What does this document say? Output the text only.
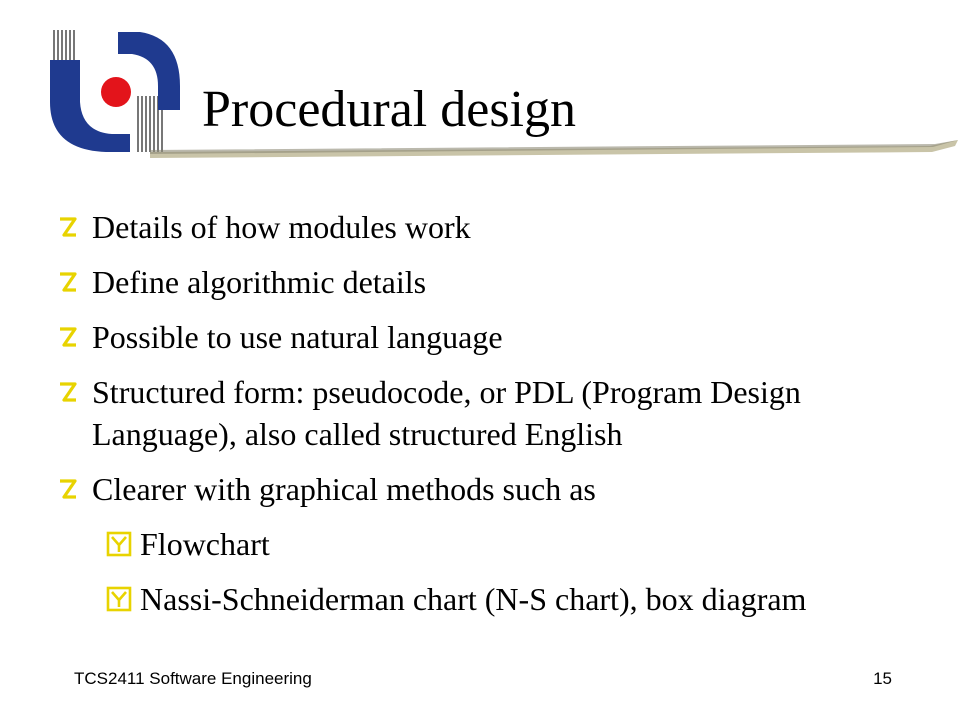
Procedural design
Details of how modules work
Define algorithmic details
Possible to use natural language
Structured form: pseudocode, or PDL (Program Design Language), also called structured English
Clearer with graphical methods such as
Flowchart
Nassi-Schneiderman chart (N-S chart), box diagram
TCS2411 Software Engineering	15
